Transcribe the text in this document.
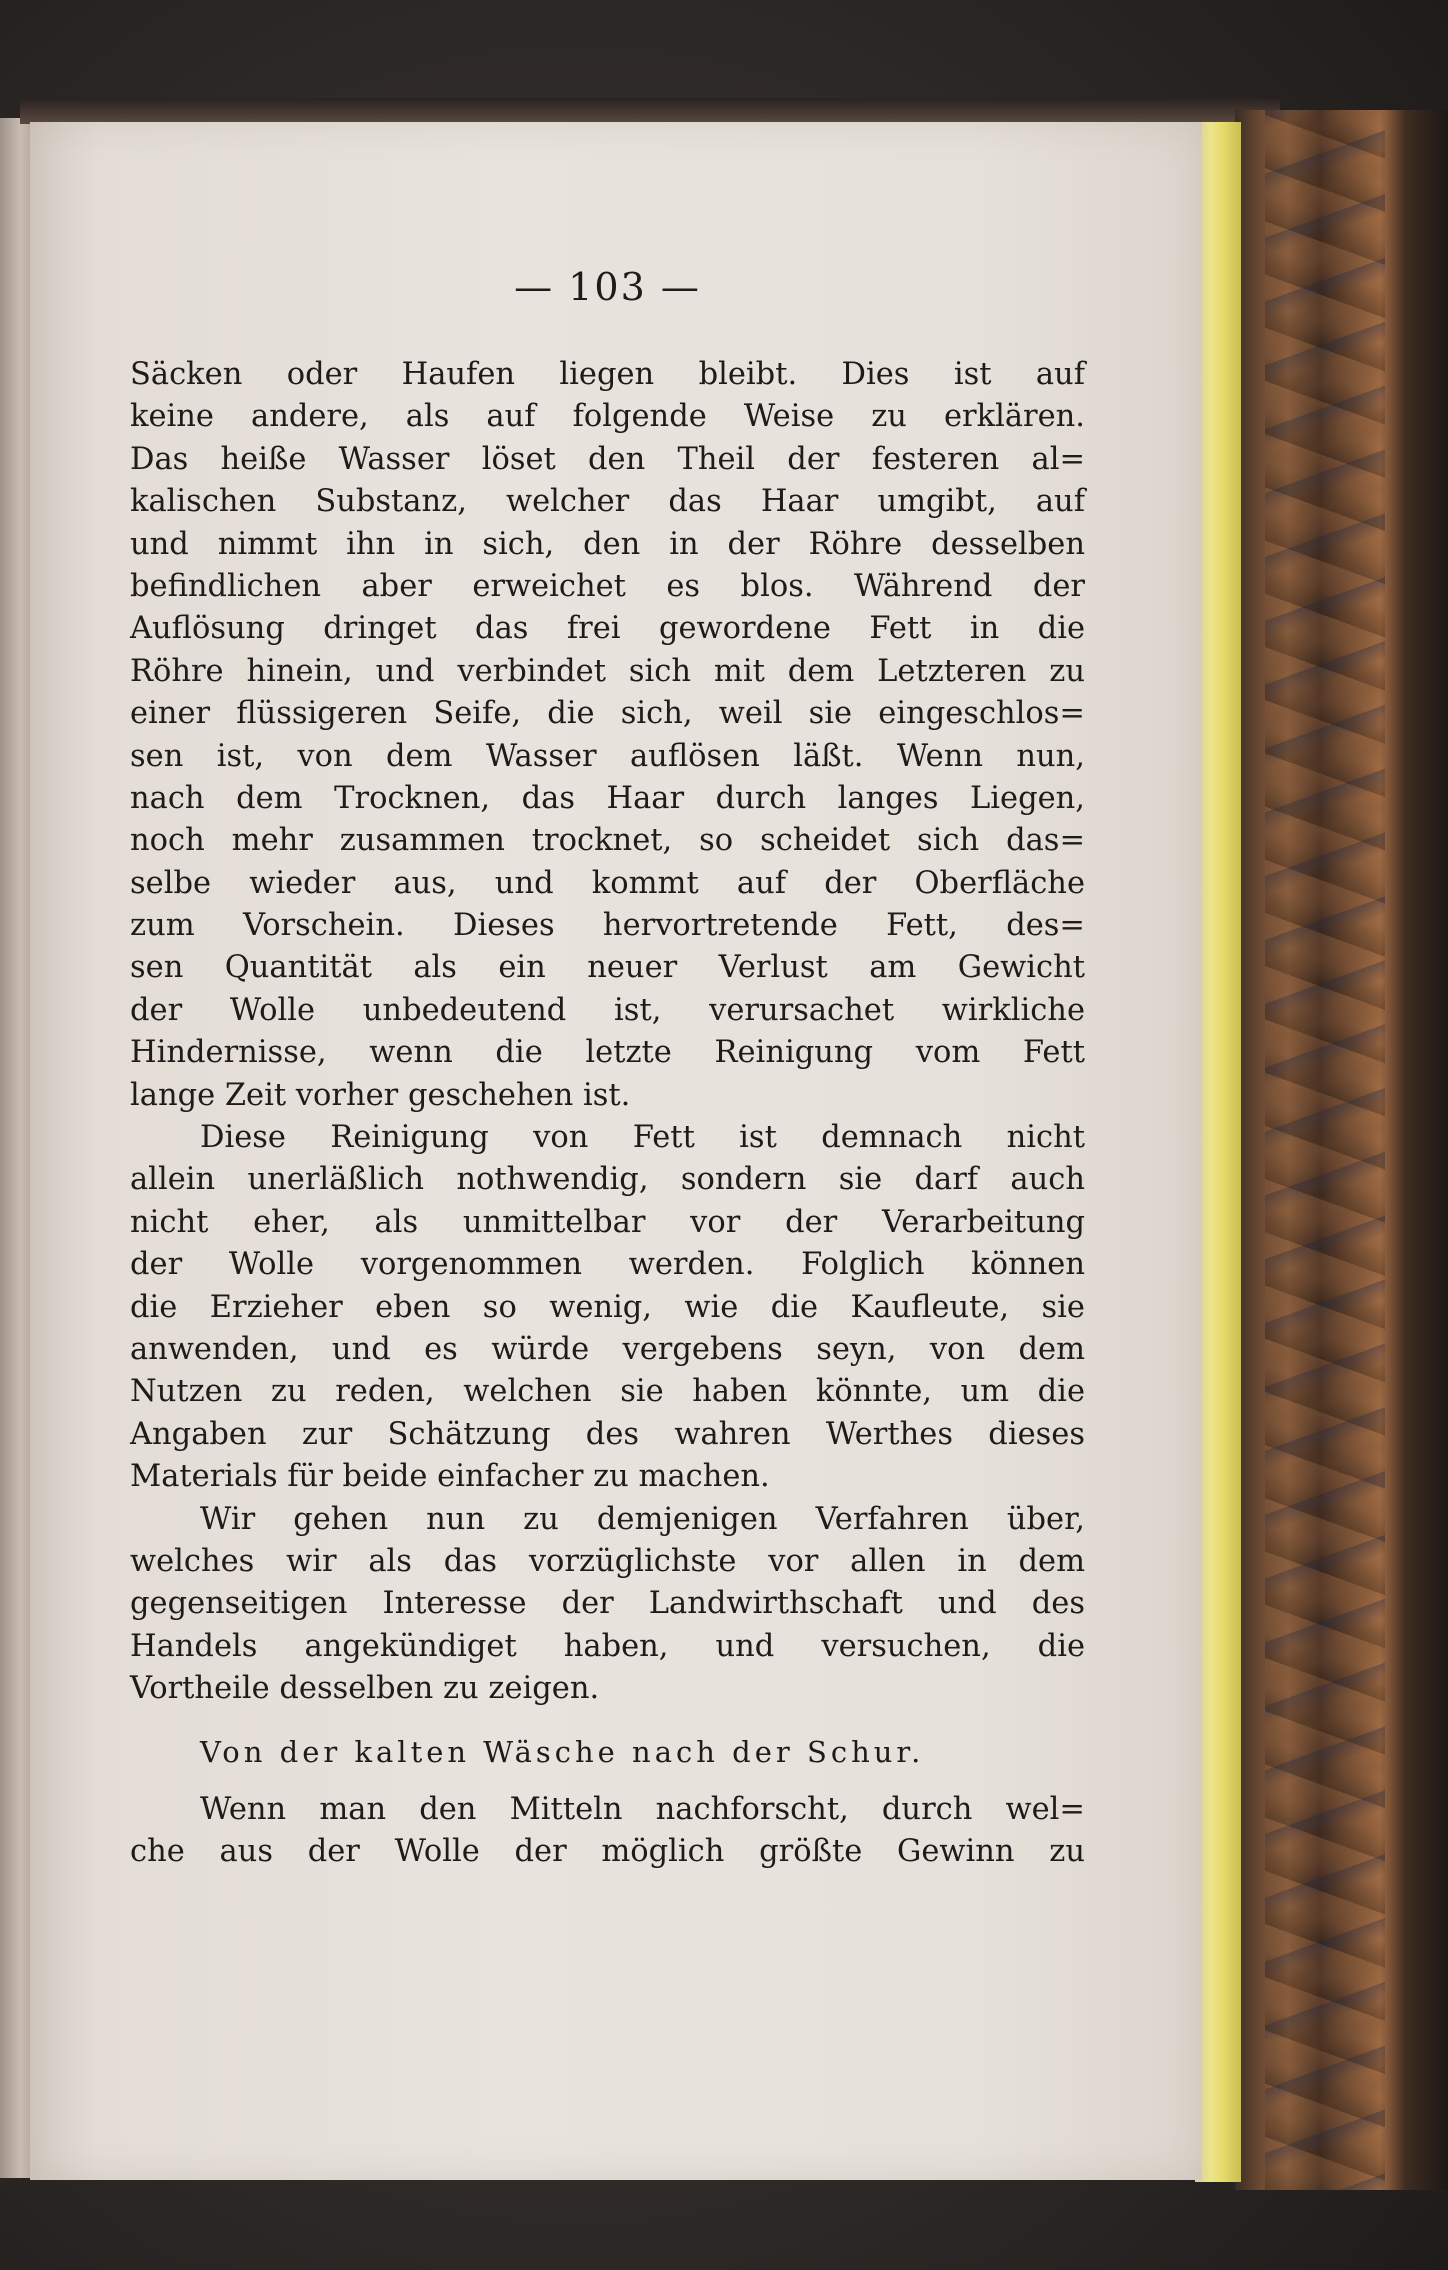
— 103 —
Säcken oder Haufen liegen bleibt. Dies ist auf
keine andere, als auf folgende Weise zu erklären.
Das heiße Wasser löset den Theil der festeren al=
kalischen Substanz, welcher das Haar umgibt, auf
und nimmt ihn in sich, den in der Röhre desselben
befindlichen aber erweichet es blos. Während der
Auflösung dringet das frei gewordene Fett in die
Röhre hinein, und verbindet sich mit dem Letzteren zu
einer flüssigeren Seife, die sich, weil sie eingeschlos=
sen ist, von dem Wasser auflösen läßt. Wenn nun,
nach dem Trocknen, das Haar durch langes Liegen,
noch mehr zusammen trocknet, so scheidet sich das=
selbe wieder aus, und kommt auf der Oberfläche
zum Vorschein. Dieses hervortretende Fett, des=
sen Quantität als ein neuer Verlust am Gewicht
der Wolle unbedeutend ist, verursachet wirkliche
Hindernisse, wenn die letzte Reinigung vom Fett
lange Zeit vorher geschehen ist.
Diese Reinigung von Fett ist demnach nicht
allein unerläßlich nothwendig, sondern sie darf auch
nicht eher, als unmittelbar vor der Verarbeitung
der Wolle vorgenommen werden. Folglich können
die Erzieher eben so wenig, wie die Kaufleute, sie
anwenden, und es würde vergebens seyn, von dem
Nutzen zu reden, welchen sie haben könnte, um die
Angaben zur Schätzung des wahren Werthes dieses
Materials für beide einfacher zu machen.
Wir gehen nun zu demjenigen Verfahren über,
welches wir als das vorzüglichste vor allen in dem
gegenseitigen Interesse der Landwirthschaft und des
Handels angekündiget haben, und versuchen, die
Vortheile desselben zu zeigen.
Von der kalten Wäsche nach der Schur.
Wenn man den Mitteln nachforscht, durch wel=
che aus der Wolle der möglich größte Gewinn zu
